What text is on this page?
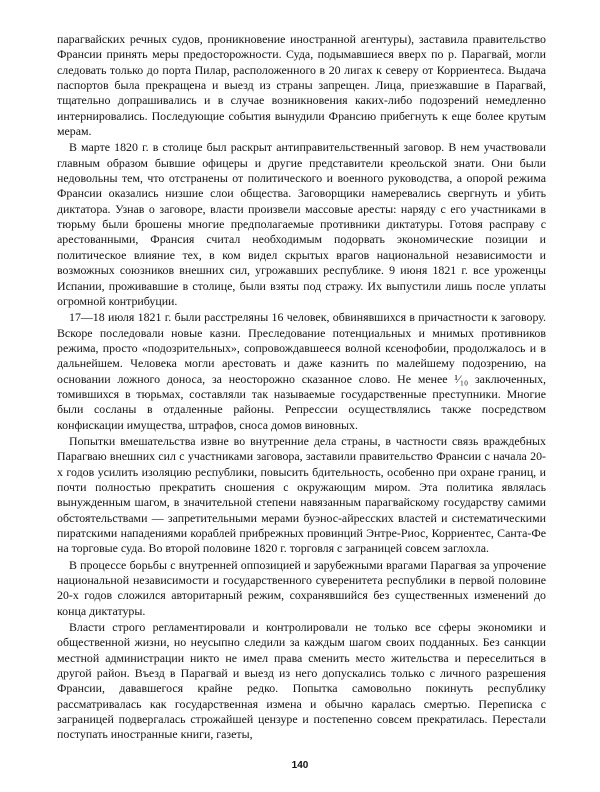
парагвайских речных судов, проникновение иностранной агентуры), заставила правительство Франсии принять меры предосторожности. Суда, подымавшиеся вверх по р. Парагвай, могли следовать только до порта Пилар, расположенного в 20 лигах к северу от Корриентеса. Выдача паспортов была прекращена и выезд из страны запрещен. Лица, приезжавшие в Парагвай, тщательно допрашивались и в случае возникновения каких-либо подозрений немедленно интернировались. Последующие события вынудили Франсию прибегнуть к еще более крутым мерам.

В марте 1820 г. в столице был раскрыт антиправительственный заговор. В нем участвовали главным образом бывшие офицеры и другие представители креольской знати. Они были недовольны тем, что отстранены от политического и военного руководства, а опорой режима Франсии оказались низшие слои общества. Заговорщики намеревались свергнуть и убить диктатора. Узнав о заговоре, власти произвели массовые аресты: наряду с его участниками в тюрьму были брошены многие предполагаемые противники диктатуры. Готовя расправу с арестованными, Франсия считал необходимым подорвать экономические позиции и политическое влияние тех, в ком видел скрытых врагов национальной независимости и возможных союзников внешних сил, угрожавших республике. 9 июня 1821 г. все уроженцы Испании, проживавшие в столице, были взяты под стражу. Их выпустили лишь после уплаты огромной контрибуции.

17—18 июля 1821 г. были расстреляны 16 человек, обвинявшихся в причастности к заговору. Вскоре последовали новые казни. Преследование потенциальных и мнимых противников режима, просто «подозрительных», сопровождавшееся волной ксенофобии, продолжалось и в дальнейшем. Человека могли арестовать и даже казнить по малейшему подозрению, на основании ложного доноса, за неосторожно сказанное слово. Не менее ¹⁄₁₀ заключенных, томившихся в тюрьмах, составляли так называемые государственные преступники. Многие были сосланы в отдаленные районы. Репрессии осуществлялись также посредством конфискации имущества, штрафов, сноса домов виновных.

Попытки вмешательства извне во внутренние дела страны, в частности связь враждебных Парагваю внешних сил с участниками заговора, заставили правительство Франсии с начала 20-х годов усилить изоляцию республики, повысить бдительность, особенно при охране границ, и почти полностью прекратить сношения с окружающим миром. Эта политика являлась вынужденным шагом, в значительной степени навязанным парагвайскому государству самими обстоятельствами — запретительными мерами буэнос-айресских властей и систематическими пиратскими нападениями кораблей прибрежных провинций Энтре-Риос, Корриентес, Санта-Фе на торговые суда. Во второй половине 1820 г. торговля с заграницей совсем заглохла.

В процессе борьбы с внутренней оппозицией и зарубежными врагами Парагвая за упрочение национальной независимости и государственного суверенитета республики в первой половине 20-х годов сложился авторитарный режим, сохранявшийся без существенных изменений до конца диктатуры.

Власти строго регламентировали и контролировали не только все сферы экономики и общественной жизни, но неусыпно следили за каждым шагом своих подданных. Без санкции местной администрации никто не имел права сменить место жительства и переселиться в другой район. Въезд в Парагвай и выезд из него допускались только с личного разрешения Франсии, дававшегося крайне редко. Попытка самовольно покинуть республику рассматривалась как государственная измена и обычно каралась смертью. Переписка с заграницей подвергалась строжайшей цензуре и постепенно совсем прекратилась. Перестали поступать иностранные книги, газеты,

140
